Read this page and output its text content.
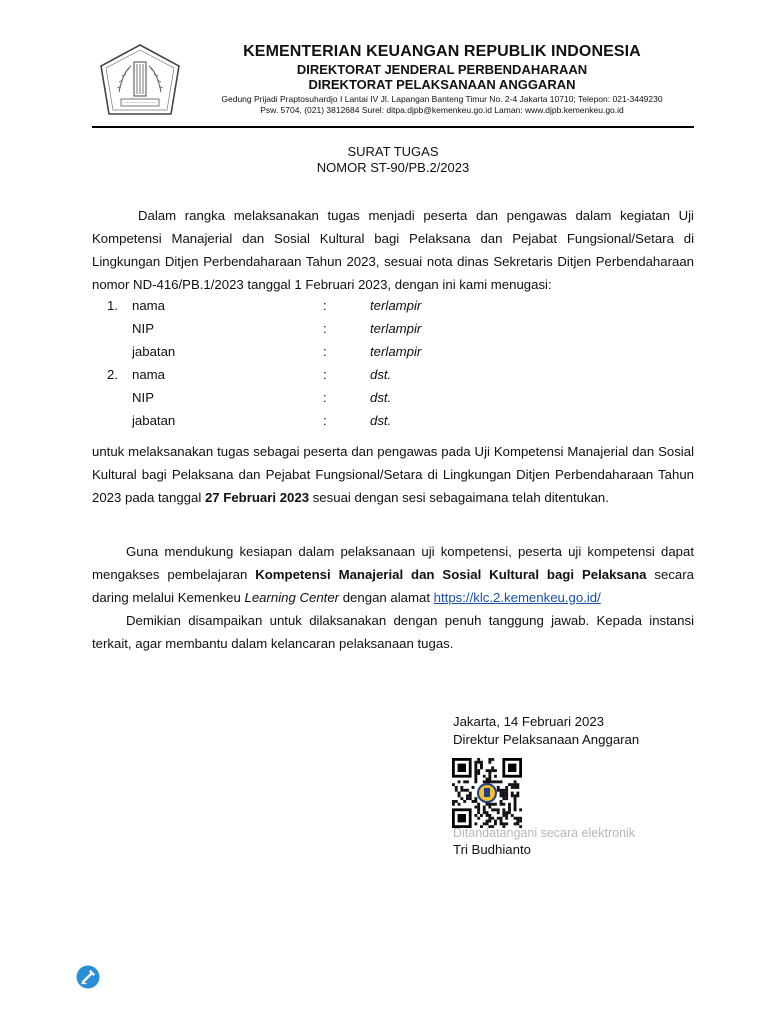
KEMENTERIAN KEUANGAN REPUBLIK INDONESIA
DIREKTORAT JENDERAL PERBENDAHARAAN
DIREKTORAT PELAKSANAAN ANGGARAN
Gedung Prijadi Praptosuhardjo I Lantai IV Jl. Lapangan Banteng Timur No. 2-4 Jakarta 10710; Telepon: 021-3449230
Psw. 5704, (021) 3812684 Surel: ditpa.djpb@kemenkeu.go.id Laman: www.djpb.kemenkeu.go.id
SURAT TUGAS
NOMOR ST-90/PB.2/2023
Dalam rangka melaksanakan tugas menjadi peserta dan pengawas dalam kegiatan Uji Kompetensi Manajerial dan Sosial Kultural bagi Pelaksana dan Pejabat Fungsional/Setara di Lingkungan Ditjen Perbendaharaan Tahun 2023, sesuai nota dinas Sekretaris Ditjen Perbendaharaan nomor ND-416/PB.1/2023 tanggal 1 Februari 2023, dengan ini kami menugasi:
1. nama	:	terlampir
NIP	:	terlampir
jabatan	:	terlampir
2. nama	:	dst.
NIP	:	dst.
jabatan	:	dst.
untuk melaksanakan tugas sebagai peserta dan pengawas pada Uji Kompetensi Manajerial dan Sosial Kultural bagi Pelaksana dan Pejabat Fungsional/Setara di Lingkungan Ditjen Perbendaharaan Tahun 2023 pada tanggal 27 Februari 2023 sesuai dengan sesi sebagaimana telah ditentukan.
Guna mendukung kesiapan dalam pelaksanaan uji kompetensi, peserta uji kompetensi dapat mengakses pembelajaran Kompetensi Manajerial dan Sosial Kultural bagi Pelaksana secara daring melalui Kemenkeu Learning Center dengan alamat https://klc.2.kemenkeu.go.id/
Demikian disampaikan untuk dilaksanakan dengan penuh tanggung jawab. Kepada instansi terkait, agar membantu dalam kelancaran pelaksanaan tugas.
Jakarta, 14 Februari 2023
Direktur Pelaksanaan Anggaran
Ditandatangani secara elektronik
Tri Budhianto
